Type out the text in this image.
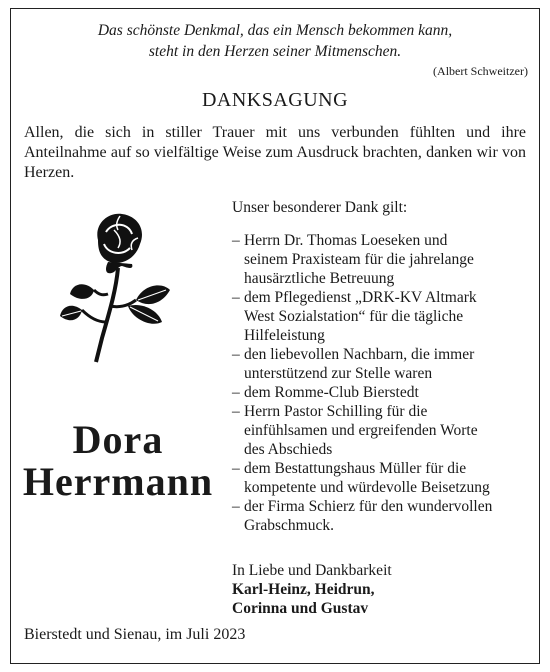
Das schönste Denkmal, das ein Mensch bekommen kann,
steht in den Herzen seiner Mitmenschen.
(Albert Schweitzer)
DANKSAGUNG
Allen, die sich in stiller Trauer mit uns verbunden fühlten und ihre Anteilnahme auf so vielfältige Weise zum Ausdruck brachten, danken wir von Herzen.
Dora
Herrmann
Unser besonderer Dank gilt:
– Herrn Dr. Thomas Loeseken und
seinem Praxisteam für die jahrelange
hausärztliche Betreuung
– dem Pflegedienst „DRK-KV Altmark
West Sozialstation“ für die tägliche
Hilfeleistung
– den liebevollen Nachbarn, die immer
unterstützend zur Stelle waren
– dem Romme-Club Bierstedt
– Herrn Pastor Schilling für die
einfühlsamen und ergreifenden Worte
des Abschieds
– dem Bestattungshaus Müller für die
kompetente und würdevolle Beisetzung
– der Firma Schierz für den wundervollen
Grabschmuck.
In Liebe und Dankbarkeit
Karl-Heinz, Heidrun,
Corinna und Gustav
Bierstedt und Sienau, im Juli 2023
